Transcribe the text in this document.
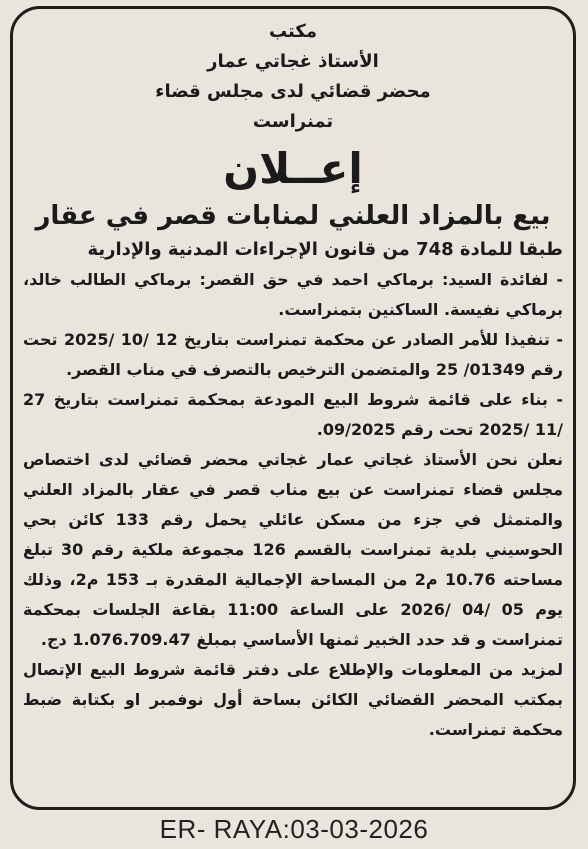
مكتب
الأستاذ غجاتي عمار
محضر قضائي لدى مجلس قضاء
تمنراست
إعــلان
بيع بالمزاد العلني لمنابات قصر في عقار
طبقا للمادة 748 من قانون الإجراءات المدنية والإدارية

- لفائدة السيد: برماكي احمد في حق القصر: برماكي الطالب خالد، برماكي نفيسة. الساكنين بتمنراست.

- تنفيذا للأمر الصادر عن محكمة تمنراست بتاريخ 12 /10 /2025 تحت رقم 01349/ 25 والمتضمن الترخيص بالتصرف في مناب القصر.

- بناء على قائمة شروط البيع المودعة بمحكمة تمنراست بتاريخ 27 /11 /2025 تحت رقم 09/2025.

نعلن نحن الأستاذ غجاتي عمار غجاتي محضر قضائي لدى اختصاص مجلس قضاء تمنراست عن بيع مناب قصر في عقار بالمزاد العلني والمتمثل في جزء من مسكن عائلي يحمل رقم 133 كائن بحي الحوسيني بلدية تمنراست بالقسم 126 مجموعة ملكية رقم 30 تبلغ مساحته 10.76 م2 من المساحة الإجمالية المقدرة بـ 153 م2، وذلك يوم 05 /04 /2026 على الساعة 11:00 بقاعة الجلسات بمحكمة تمنراست و قد حدد الخبير ثمنها الأساسي بمبلغ 1.076.709.47 دج.

لمزيد من المعلومات والإطلاع على دفتر قائمة شروط البيع الإتصال بمكتب المحضر القضائي الكائن بساحة أول نوفمبر او بكتابة ضبط محكمة تمنراست.

ER- RAYA:03-03-2026
